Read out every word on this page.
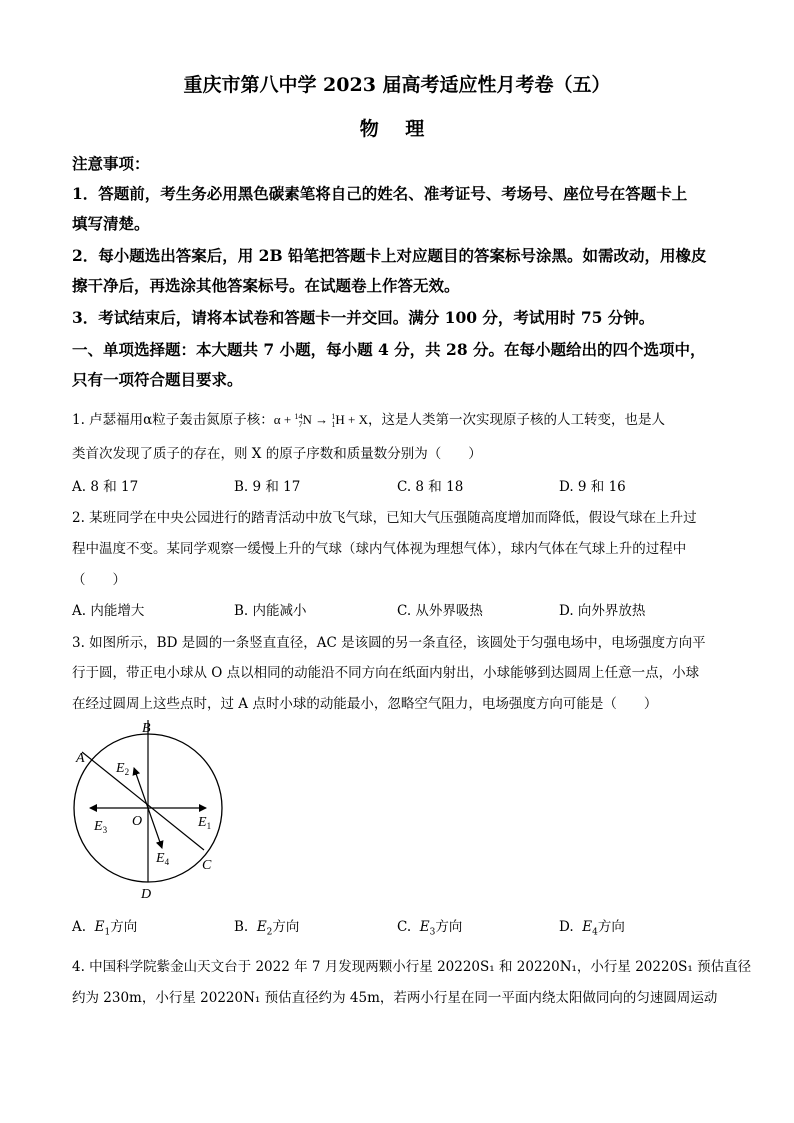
重庆市第八中学 2023 届高考适应性月考卷（五）
物 理
注意事项：
1．答题前，考生务必用黑色碳素笔将自己的姓名、准考证号、考场号、座位号在答题卡上
填写清楚。
2．每小题选出答案后，用 2B 铅笔把答题卡上对应题目的答案标号涂黑。如需改动，用橡皮
擦干净后，再选涂其他答案标号。在试题卷上作答无效。
3．考试结束后，请将本试卷和答题卡一并交回。满分 100 分，考试用时 75 分钟。
一、单项选择题：本大题共 7 小题，每小题 4 分，共 28 分。在每小题给出的四个选项中，
只有一项符合题目要求。
1. 卢瑟福用α粒子轰击氮原子核：α + 14
7 N → 1
1 H + X，这是人类第一次实现原子核的人工转变，也是人
类首次发现了质子的存在，则 X 的原子序数和质量数分别为（　　）
A. 8 和 17	B. 9 和 17	C. 8 和 18	D. 9 和 16
2. 某班同学在中央公园进行的踏青活动中放飞气球，已知大气压强随高度增加而降低，假设气球在上升过
程中温度不变。某同学观察一缓慢上升的气球（球内气体视为理想气体），球内气体在气球上升的过程中
（　　）
A. 内能增大	B. 内能减小	C. 从外界吸热	D. 向外界放热
3. 如图所示，BD 是圆的一条竖直直径，AC 是该圆的另一条直径，该圆处于匀强电场中，电场强度方向平
行于圆，带正电小球从 O 点以相同的动能沿不同方向在纸面内射出，小球能够到达圆周上任意一点，小球
在经过圆周上这些点时，过 A 点时小球的动能最小，忽略空气阻力，电场强度方向可能是（　　）
B
D
A
C
O	$E_1$
$E_2$
$E_3$
$E_4$
A. $E_1$方向	B. $E_2$方向	C. $E_3$方向	D. $E_4$方向
4. 中国科学院紫金山天文台于 2022 年 7 月发现两颗小行星 20220S₁ 和 20220N₁，小行星 20220S₁ 预估直径
约为 230m，小行星 20220N₁ 预估直径约为 45m，若两小行星在同一平面内绕太阳做同向的匀速圆周运动
